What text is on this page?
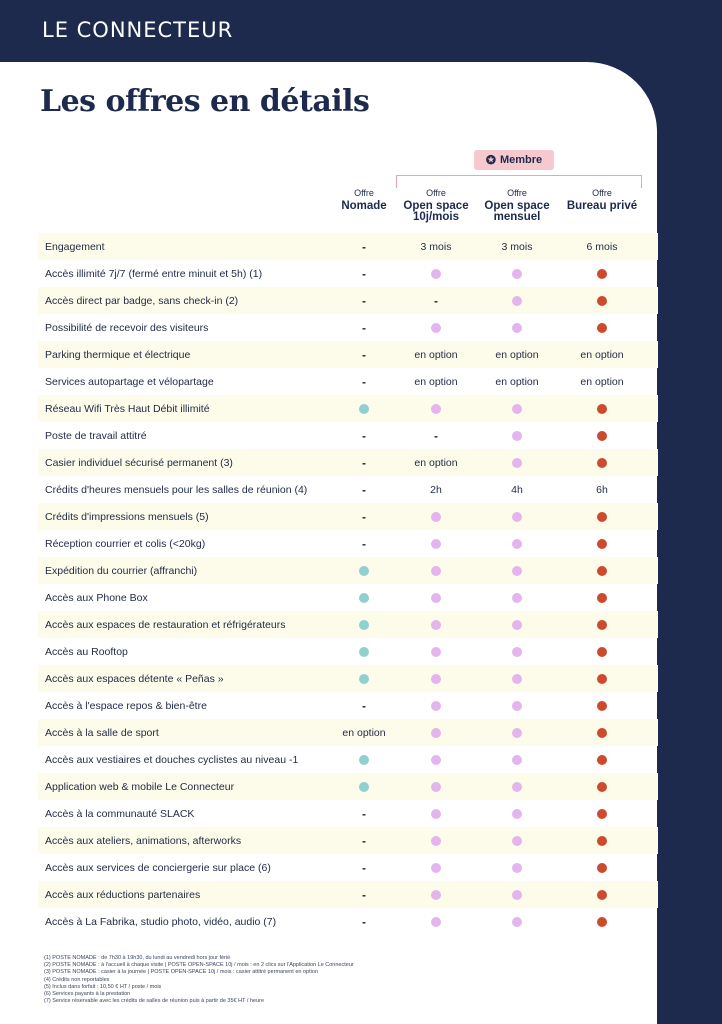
LE CONNECTEUR
Les offres en détails
✪ Membre
Offre
Nomade
Offre
Open space 10j/mois
Offre
Open space mensuel
Offre
Bureau privé
Engagement	-	3 mois	3 mois	6 mois
Accès illimité 7j/7 (fermé entre minuit et 5h) (1)	-
Accès direct par badge, sans check-in (2)	-	-
Possibilité de recevoir des visiteurs	-
Parking thermique et électrique	-	en option	en option	en option
Services autopartage et vélopartage	-	en option	en option	en option
Réseau Wifi Très Haut Débit illimité
Poste de travail attitré	-	-
Casier individuel sécurisé permanent (3)	-	en option
Crédits d'heures mensuels pour les salles de réunion (4)	-	2h	4h	6h
Crédits d'impressions mensuels (5)	-
Réception courrier et colis (<20kg)	-
Expédition du courrier (affranchi)
Accès aux Phone Box
Accès aux espaces de restauration et réfrigérateurs
Accès au Rooftop
Accès aux espaces détente « Peñas »
Accès à l'espace repos & bien-être	-
Accès à la salle de sport	en option
Accès aux vestiaires et douches cyclistes au niveau -1
Application web & mobile Le Connecteur
Accès à la communauté SLACK	-
Accès aux ateliers, animations, afterworks	-
Accès aux services de conciergerie sur place (6)	-
Accès aux réductions partenaires	-
Accès à La Fabrika, studio photo, vidéo, audio (7)	-
(1) POSTE NOMADE : de 7h30 à 19h30, du lundi au vendredi hors jour férié
(2) POSTE NOMADE : à l'accueil à chaque visite | POSTE OPEN-SPACE 10j / mois : en 2 clics sur l'Application Le Connecteur
(3) POSTE NOMADE : casier à la journée | POSTE OPEN-SPACE 10j / mois : casier attitré permanent en option
(4) Crédits non reportables
(5) Inclus dans forfait : 10,50 € HT / poste / mois
(6) Services payants à la prestation
(7) Service réservable avec les crédits de salles de réunion puis à partir de 35€ HT / heure
